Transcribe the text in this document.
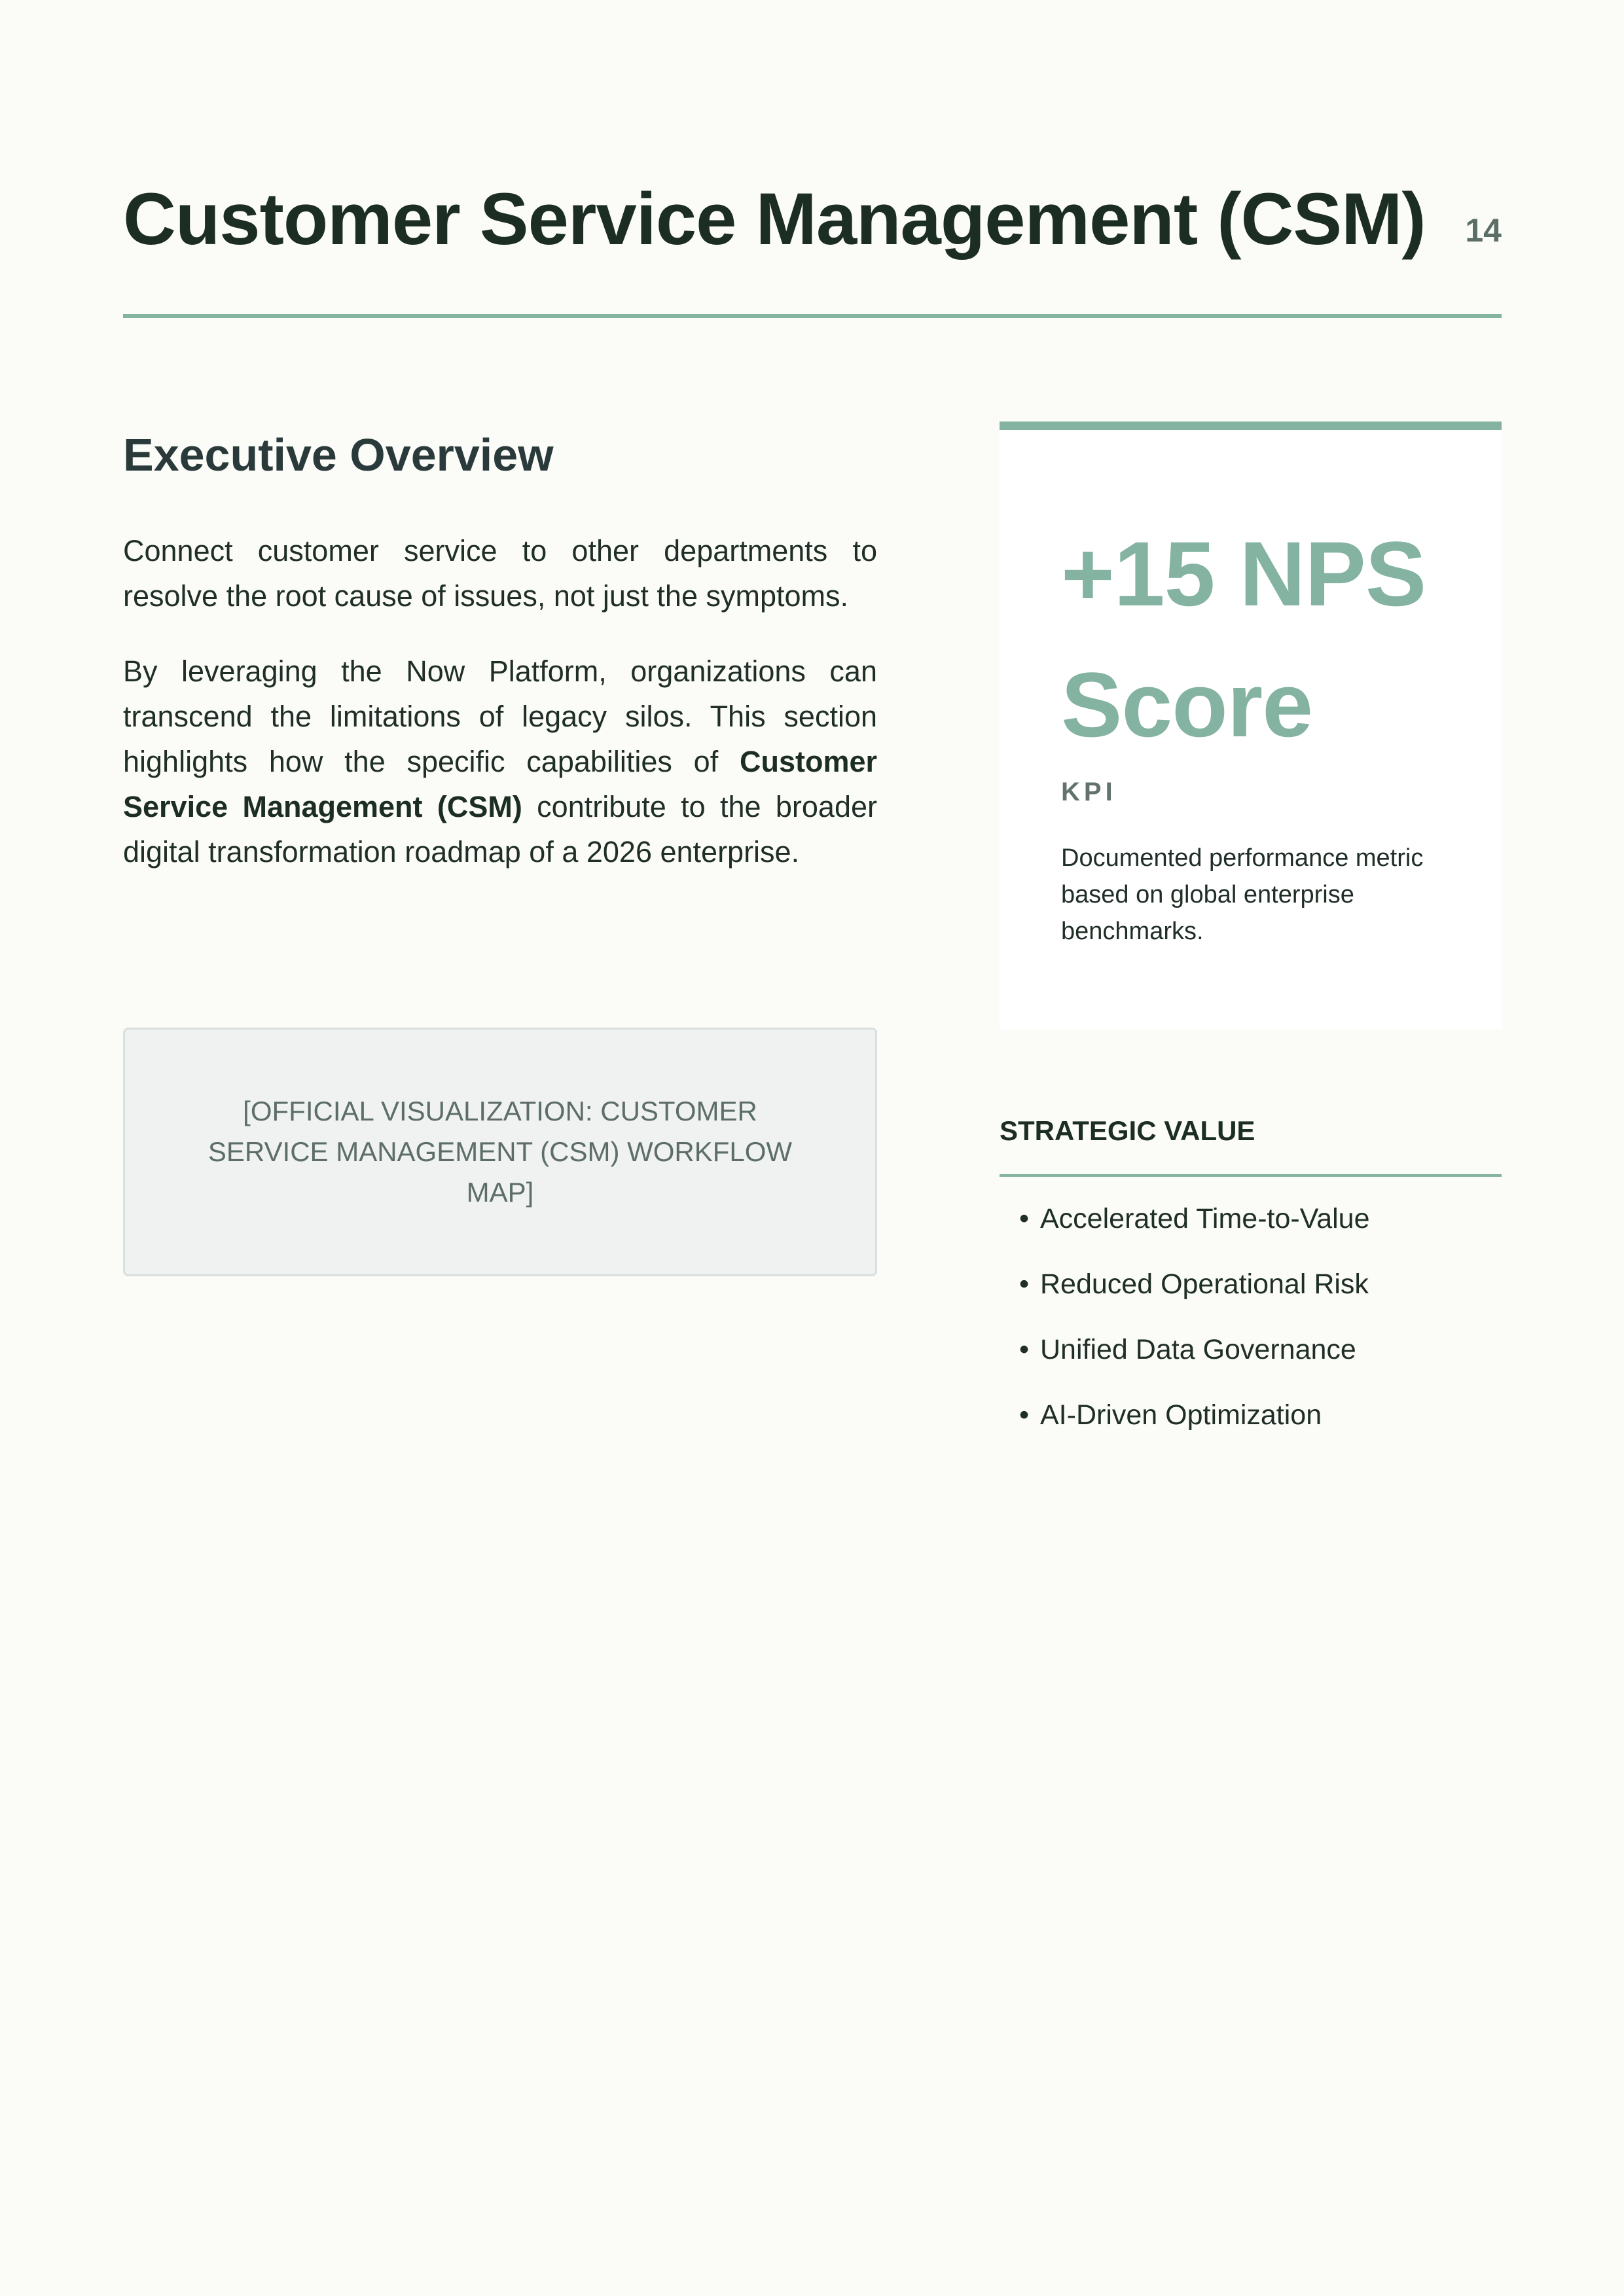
Customer Service Management (CSM) 14
Executive Overview

Connect customer service to other departments to resolve the root cause of issues, not just the symptoms.

By leveraging the Now Platform, organizations can transcend the limitations of legacy silos. This section highlights how the specific capabilities of Customer Service Management (CSM) contribute to the broader digital transformation roadmap of a 2026 enterprise.

[OFFICIAL VISUALIZATION: CUSTOMER SERVICE MANAGEMENT (CSM) WORKFLOW MAP]
+15 NPS Score
KPI
Documented performance metric based on global enterprise benchmarks.
STRATEGIC VALUE
• Accelerated Time-to-Value
• Reduced Operational Risk
• Unified Data Governance
• AI-Driven Optimization
